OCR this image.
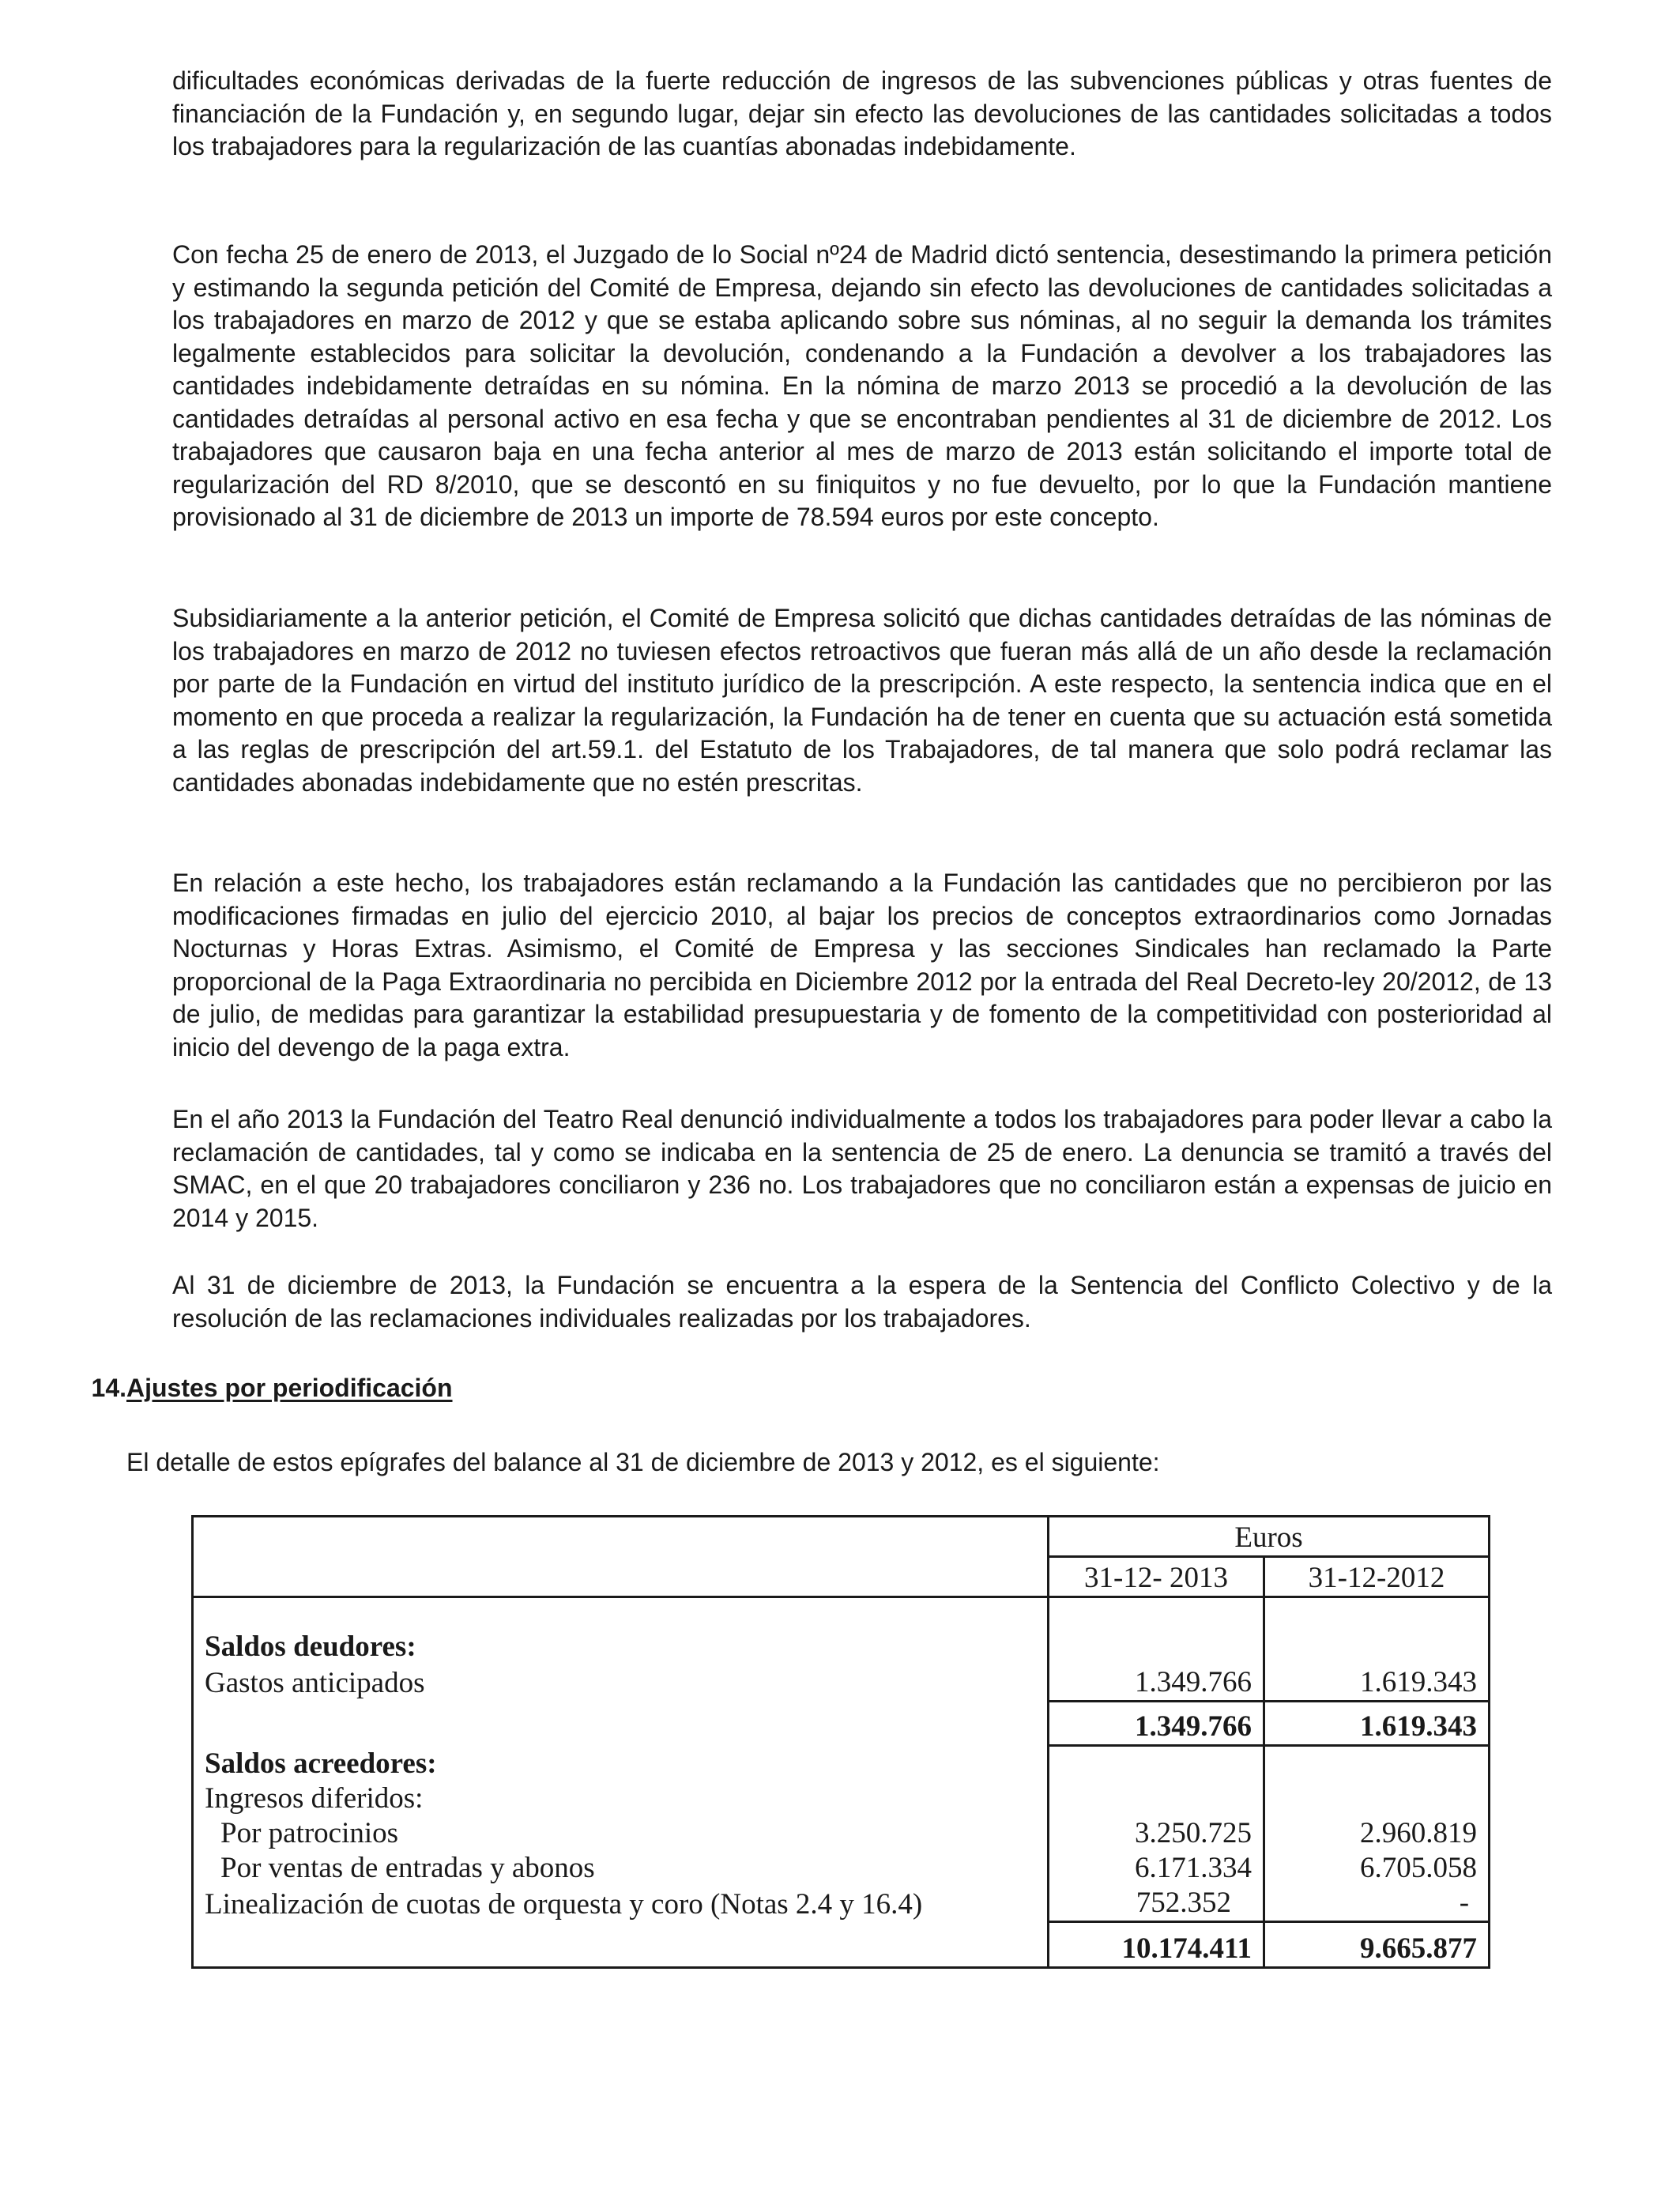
dificultades económicas derivadas de la fuerte reducción de ingresos de las subvenciones públicas y otras fuentes de financiación de la Fundación y, en segundo lugar, dejar sin efecto las devoluciones de las cantidades solicitadas a todos los trabajadores para la regularización de las cuantías abonadas indebidamente.

Con fecha 25 de enero de 2013, el Juzgado de lo Social nº24 de Madrid dictó sentencia, desestimando la primera petición y estimando la segunda petición del Comité de Empresa, dejando sin efecto las devoluciones de cantidades solicitadas a los trabajadores en marzo de 2012 y que se estaba aplicando sobre sus nóminas, al no seguir la demanda los trámites legalmente establecidos para solicitar la devolución, condenando a la Fundación a devolver a los trabajadores las cantidades indebidamente detraídas en su nómina. En la nómina de marzo 2013 se procedió a la devolución de las cantidades detraídas al personal activo en esa fecha y que se encontraban pendientes al 31 de diciembre de 2012. Los trabajadores que causaron baja en una fecha anterior al mes de marzo de 2013 están solicitando el importe total de regularización del RD 8/2010, que se descontó en su finiquitos y no fue devuelto, por lo que la Fundación mantiene provisionado al 31 de diciembre de 2013 un importe de 78.594 euros por este concepto.

Subsidiariamente a la anterior petición, el Comité de Empresa solicitó que dichas cantidades detraídas de las nóminas de los trabajadores en marzo de 2012 no tuviesen efectos retroactivos que fueran más allá de un año desde la reclamación por parte de la Fundación en virtud del instituto jurídico de la prescripción. A este respecto, la sentencia indica que en el momento en que proceda a realizar la regularización, la Fundación ha de tener en cuenta que su actuación está sometida a las reglas de prescripción del art.59.1. del Estatuto de los Trabajadores, de tal manera que solo podrá reclamar las cantidades abonadas indebidamente que no estén prescritas.

En relación a este hecho, los trabajadores están reclamando a la Fundación las cantidades que no percibieron por las modificaciones firmadas en julio del ejercicio 2010, al bajar los precios de conceptos extraordinarios como Jornadas Nocturnas y Horas Extras. Asimismo, el Comité de Empresa y las secciones Sindicales han reclamado la Parte proporcional de la Paga Extraordinaria no percibida en Diciembre 2012 por la entrada del Real Decreto-ley 20/2012, de 13 de julio, de medidas para garantizar la estabilidad presupuestaria y de fomento de la competitividad con posterioridad al inicio del devengo de la paga extra.

En el año 2013 la Fundación del Teatro Real denunció individualmente a todos los trabajadores para poder llevar a cabo la reclamación de cantidades, tal y como se indicaba en la sentencia de 25 de enero. La denuncia se tramitó a través del SMAC, en el que 20 trabajadores conciliaron y 236 no. Los trabajadores que no conciliaron están a expensas de juicio en 2014 y 2015.

Al 31 de diciembre de 2013, la Fundación se encuentra a la espera de la Sentencia del Conflicto Colectivo y de la resolución de las reclamaciones individuales realizadas por los trabajadores.

14.Ajustes por periodificación

El detalle de estos epígrafes del balance al 31 de diciembre de 2013 y 2012, es el siguiente:

	Euros	
	31-12- 2013	31-12-2012
Saldos deudores:		
Gastos anticipados	1.349.766	1.619.343
	1.349.766	1.619.343
Saldos acreedores:		
Ingresos diferidos:		
Por patrocinios	3.250.725	2.960.819
Por ventas de entradas y abonos	6.171.334	6.705.058
Linealización de cuotas de orquesta y coro (Notas 2.4 y 16.4)	752.352	-
	10.174.411	9.665.877
